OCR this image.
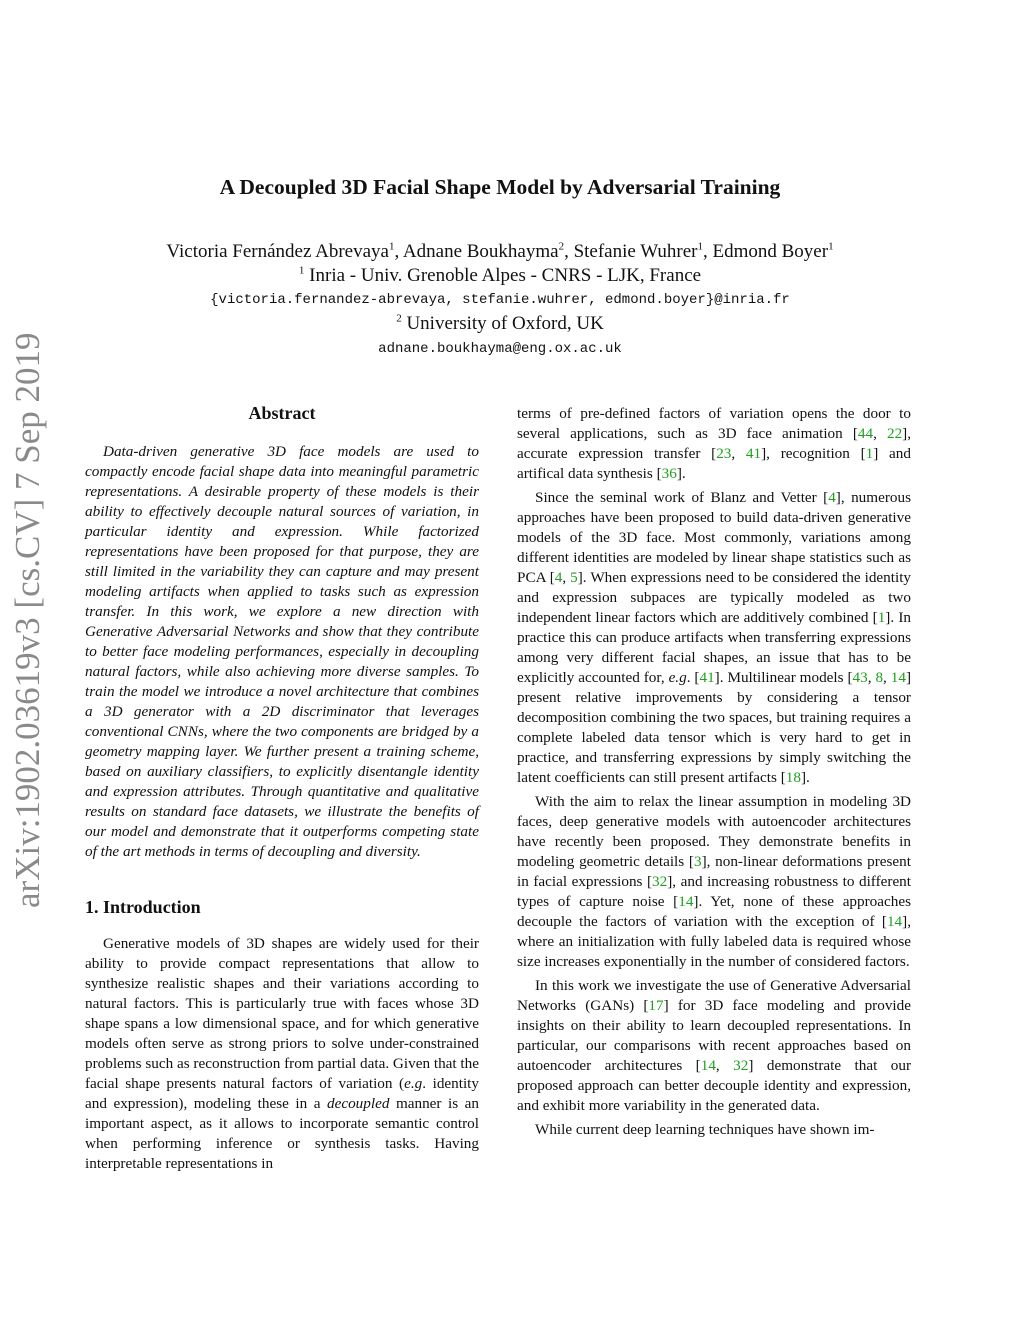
arXiv:1902.03619v3 [cs.CV] 7 Sep 2019
A Decoupled 3D Facial Shape Model by Adversarial Training
Victoria Fernández Abrevaya$^1$, Adnane Boukhayma$^2$, Stefanie Wuhrer$^1$, Edmond Boyer$^1$
$^1$ Inria - Univ. Grenoble Alpes - CNRS - LJK, France
{victoria.fernandez-abrevaya, stefanie.wuhrer, edmond.boyer}@inria.fr
$^2$ University of Oxford, UK
adnane.boukhayma@eng.ox.ac.uk
Abstract

Data-driven generative 3D face models are used to compactly encode facial shape data into meaningful parametric representations. A desirable property of these models is their ability to effectively decouple natural sources of variation, in particular identity and expression. While factorized representations have been proposed for that purpose, they are still limited in the variability they can capture and may present modeling artifacts when applied to tasks such as expression transfer. In this work, we explore a new direction with Generative Adversarial Networks and show that they contribute to better face modeling performances, especially in decoupling natural factors, while also achieving more diverse samples. To train the model we introduce a novel architecture that combines a 3D generator with a 2D discriminator that leverages conventional CNNs, where the two components are bridged by a geometry mapping layer. We further present a training scheme, based on auxiliary classifiers, to explicitly disentangle identity and expression attributes. Through quantitative and qualitative results on standard face datasets, we illustrate the benefits of our model and demonstrate that it outperforms competing state of the art methods in terms of decoupling and diversity.

1. Introduction

Generative models of 3D shapes are widely used for their ability to provide compact representations that allow to synthesize realistic shapes and their variations according to natural factors. This is particularly true with faces whose 3D shape spans a low dimensional space, and for which generative models often serve as strong priors to solve under-constrained problems such as reconstruction from partial data. Given that the facial shape presents natural factors of variation (e.g. identity and expression), modeling these in a decoupled manner is an important aspect, as it allows to incorporate semantic control when performing inference or synthesis tasks. Having interpretable representations in

terms of pre-defined factors of variation opens the door to several applications, such as 3D face animation [44, 22], accurate expression transfer [23, 41], recognition [1] and artifical data synthesis [36].

Since the seminal work of Blanz and Vetter [4], numerous approaches have been proposed to build data-driven generative models of the 3D face. Most commonly, variations among different identities are modeled by linear shape statistics such as PCA [4, 5]. When expressions need to be considered the identity and expression subpaces are typically modeled as two independent linear factors which are additively combined [1]. In practice this can produce artifacts when transferring expressions among very different facial shapes, an issue that has to be explicitly accounted for, e.g. [41]. Multilinear models [43, 8, 14] present relative improvements by considering a tensor decomposition combining the two spaces, but training requires a complete labeled data tensor which is very hard to get in practice, and transferring expressions by simply switching the latent coefficients can still present artifacts [18].

With the aim to relax the linear assumption in modeling 3D faces, deep generative models with autoencoder architectures have recently been proposed. They demonstrate benefits in modeling geometric details [3], non-linear deformations present in facial expressions [32], and increasing robustness to different types of capture noise [14]. Yet, none of these approaches decouple the factors of variation with the exception of [14], where an initialization with fully labeled data is required whose size increases exponentially in the number of considered factors.

In this work we investigate the use of Generative Adversarial Networks (GANs) [17] for 3D face modeling and provide insights on their ability to learn decoupled representations. In particular, our comparisons with recent approaches based on autoencoder architectures [14, 32] demonstrate that our proposed approach can better decouple identity and expression, and exhibit more variability in the generated data.

While current deep learning techniques have shown im-
